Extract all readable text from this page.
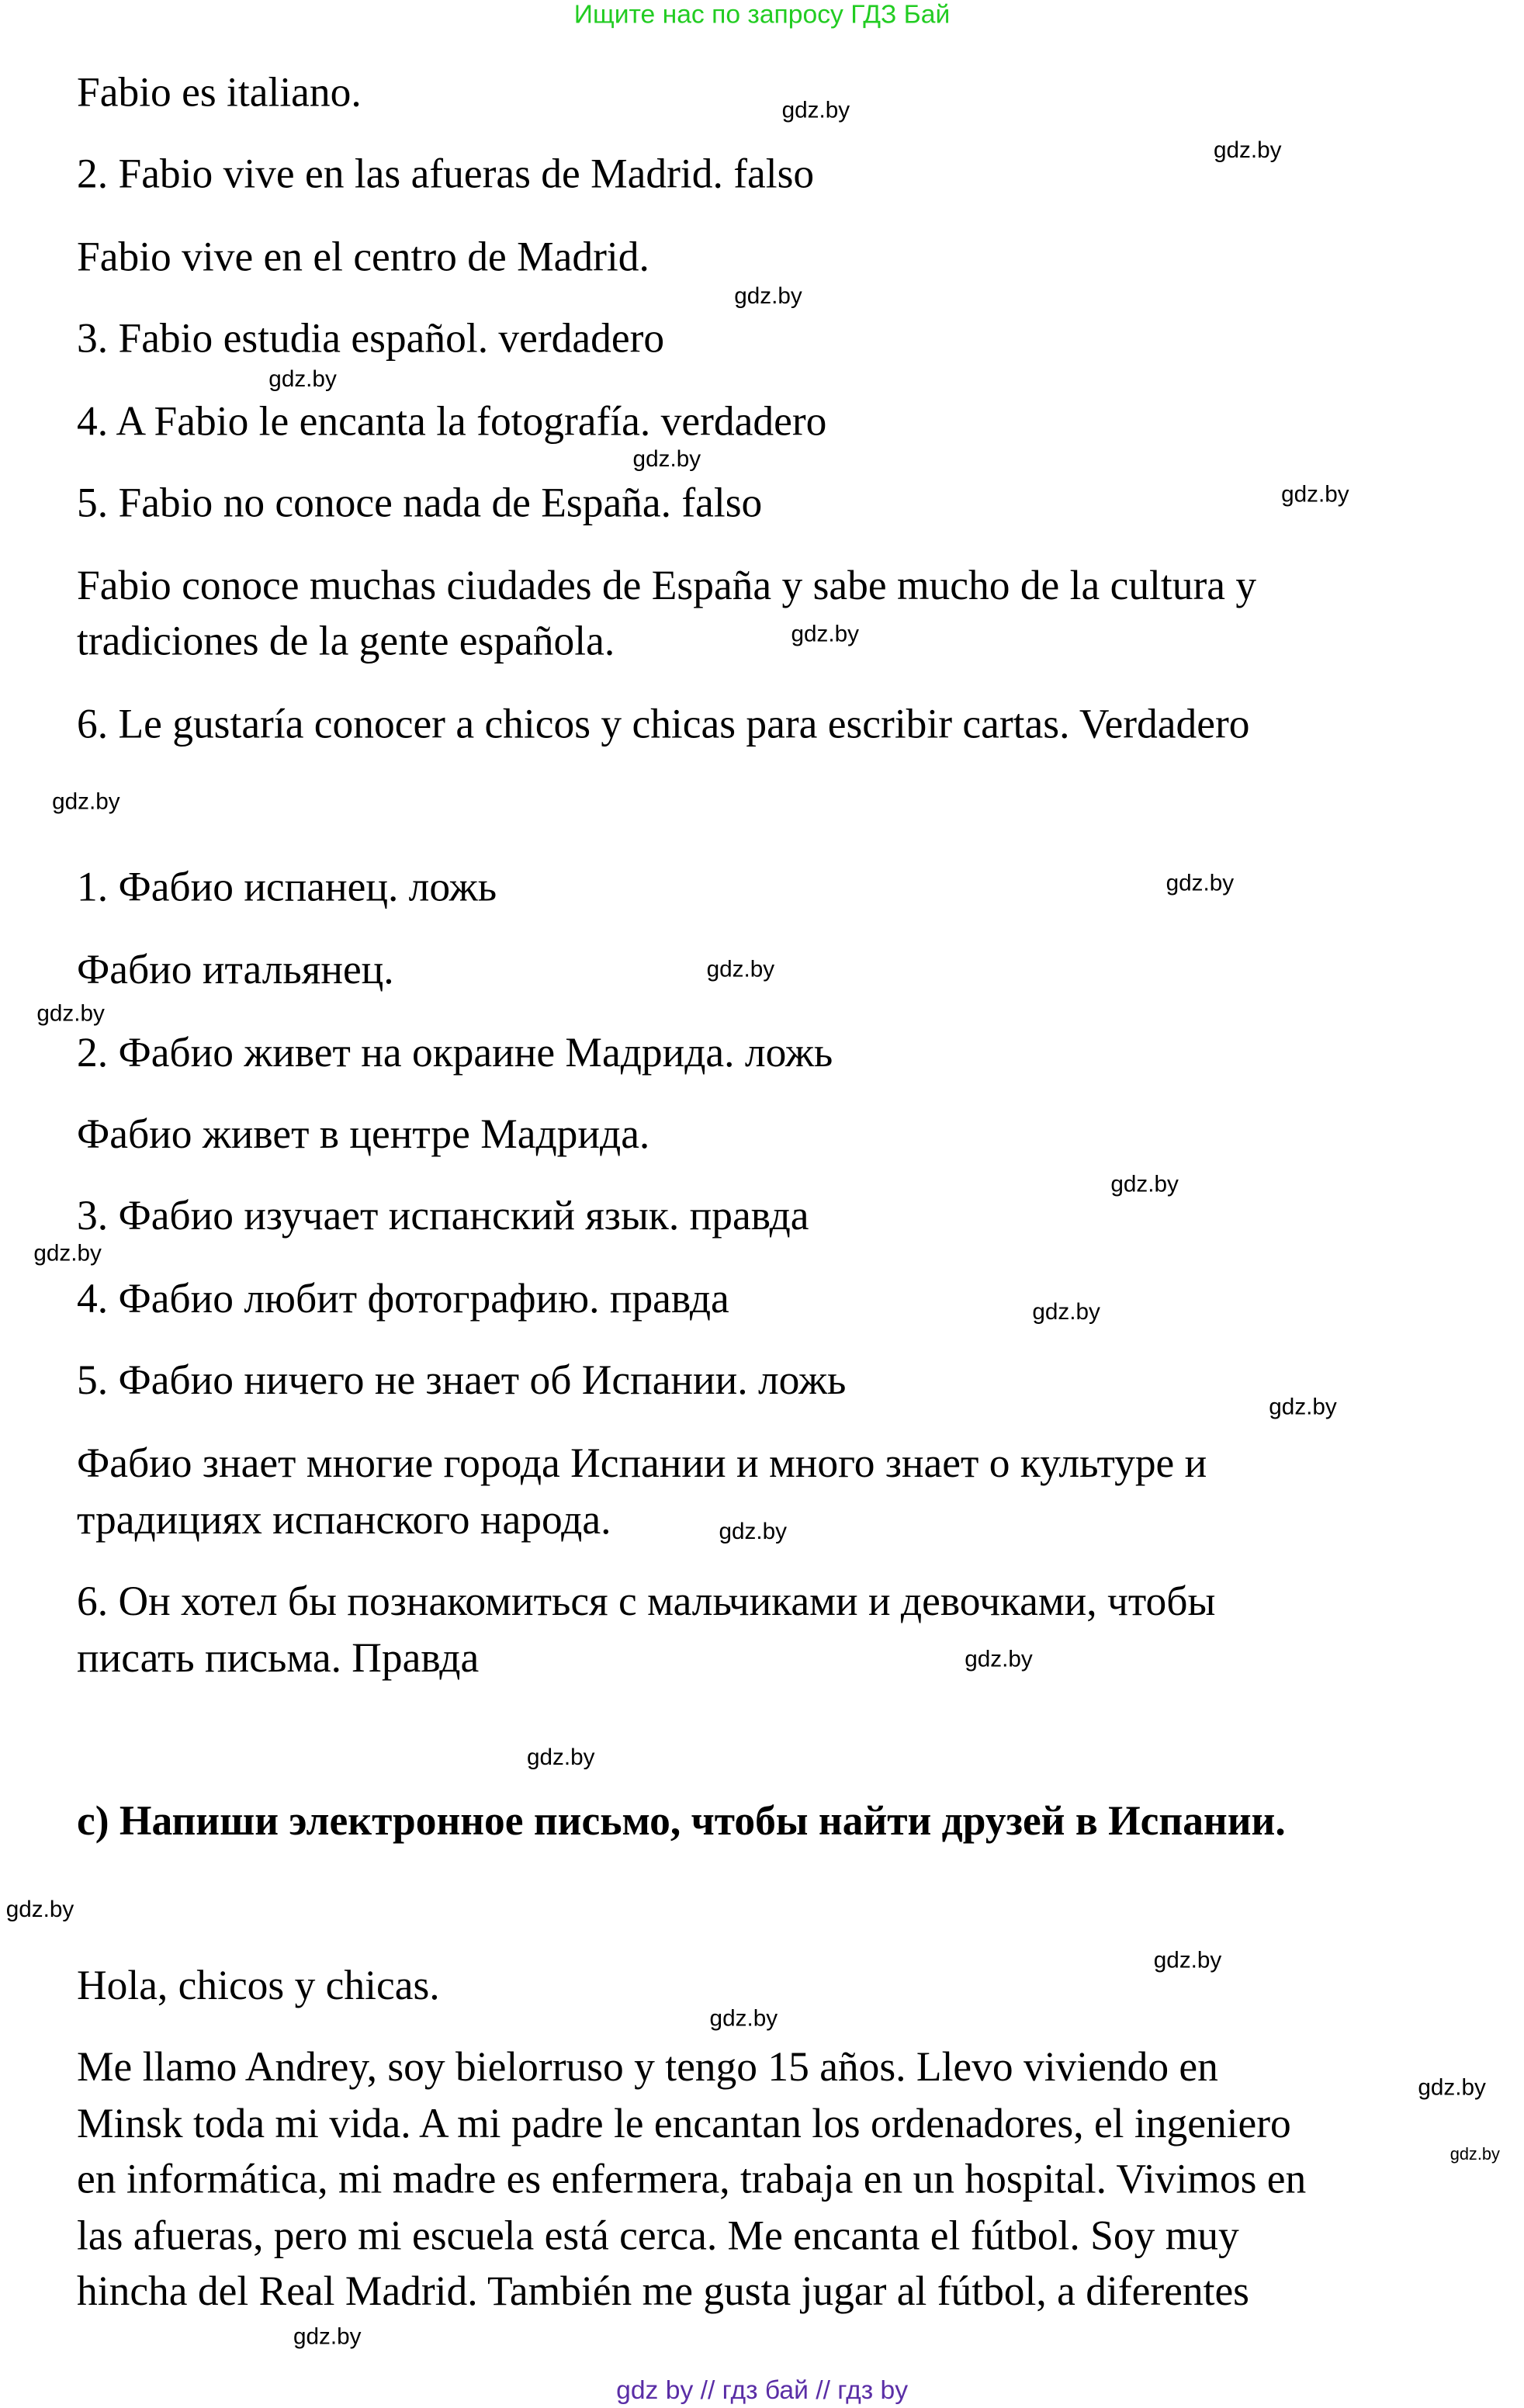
Ищите нас по запросу ГДЗ Бай
Fabio es italiano.
2. Fabio vive en las afueras de Madrid. falso
Fabio vive en el centro de Madrid.
3. Fabio estudia español. verdadero
4. A Fabio le encanta la fotografía. verdadero
5. Fabio no conoce nada de España. falso
Fabio conoce muchas ciudades de España y sabe mucho de la cultura y
tradiciones de la gente española.
6. Le gustaría conocer a chicos y chicas para escribir cartas. Verdadero
1. Фабио испанец. ложь
Фабио итальянец.
2. Фабио живет на окраине Мадрида. ложь
Фабио живет в центре Мадрида.
3. Фабио изучает испанский язык. правда
4. Фабио любит фотографию. правда
5. Фабио ничего не знает об Испании. ложь
Фабио знает многие города Испании и много знает о культуре и
традициях испанского народа.
6. Он хотел бы познакомиться с мальчиками и девочками, чтобы
писать письма. Правда
c) Напиши электронное письмо, чтобы найти друзей в Испании.
Hola, chicos y chicas.
Me llamo Andrey, soy bielorruso y tengo 15 años. Llevo viviendo en
Minsk toda mi vida. A mi padre le encantan los ordenadores, el ingeniero
en informática, mi madre es enfermera, trabaja en un hospital. Vivimos en
las afueras, pero mi escuela está cerca. Me encanta el fútbol. Soy muy
hincha del Real Madrid. También me gusta jugar al fútbol, a diferentes
gdz.by
gdz.by
gdz.by
gdz.by
gdz.by
gdz.by
gdz.by
gdz.by
gdz.by
gdz.by
gdz.by
gdz.by
gdz.by
gdz.by
gdz.by
gdz.by
gdz.by
gdz.by
gdz.by
gdz.by
gdz.by
gdz.by
gdz.by
gdz.by
gdz by // гдз бай // гдз by
